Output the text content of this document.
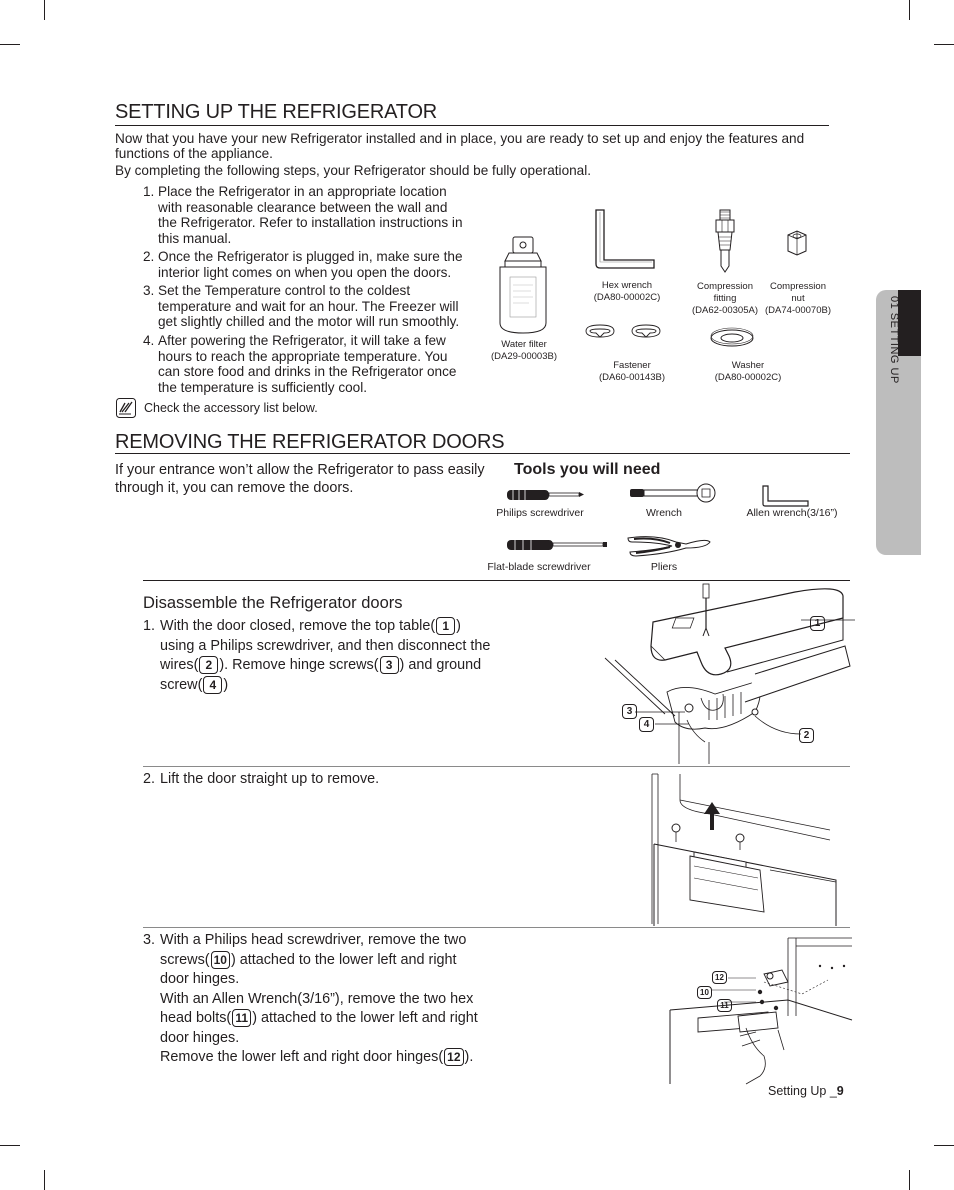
01 SETTING UP
SETTING UP THE REFRIGERATOR
Now that you have your new Refrigerator installed and in place, you are ready to set up and enjoy the features and
functions of the appliance.
By completing the following steps, your Refrigerator should be fully operational.
1. Place the Refrigerator in an appropriate location
with reasonable clearance between the wall and
the Refrigerator. Refer to installation instructions in
this manual.
2. Once the Refrigerator is plugged in, make sure the
interior light comes on when you open the doors.
3. Set the Temperature control to the coldest
temperature and wait for an hour. The Freezer will
get slightly chilled and the motor will run smoothly.
4. After powering the Refrigerator, it will take a few
hours to reach the appropriate temperature. You
can store food and drinks in the Refrigerator once
the temperature is sufficiently cool.
Check the accessory list below.
Water filter
(DA29-00003B)
Hex wrench
(DA80-00002C)
Compression
fitting
(DA62-00305A)
Compression
nut
(DA74-00070B)
Fastener
(DA60-00143B)
Washer
(DA80-00002C)
REMOVING THE REFRIGERATOR DOORS
If your entrance won’t allow the Refrigerator to pass easily
through it, you can remove the doors.
Tools you will need
Philips screwdriver	Wrench	Allen wrench(3/16”)
Flat-blade screwdriver	Pliers
Disassemble the Refrigerator doors
1. With the door closed, remove the top table( 1 )
using a Philips screwdriver, and then disconnect the
wires( 2 ). Remove hinge screws( 3 ) and ground
screw( 4 )
1
2
3
4
2. Lift the door straight up to remove.
3. With a Philips head screwdriver, remove the two
screws( 10 ) attached to the lower left and right
door hinges.
With an Allen Wrench(3/16”), remove the two hex
head bolts( 11 ) attached to the lower left and right
door hinges.
Remove the lower left and right door hinges( 12 ).
12
10
11
Setting Up _9
